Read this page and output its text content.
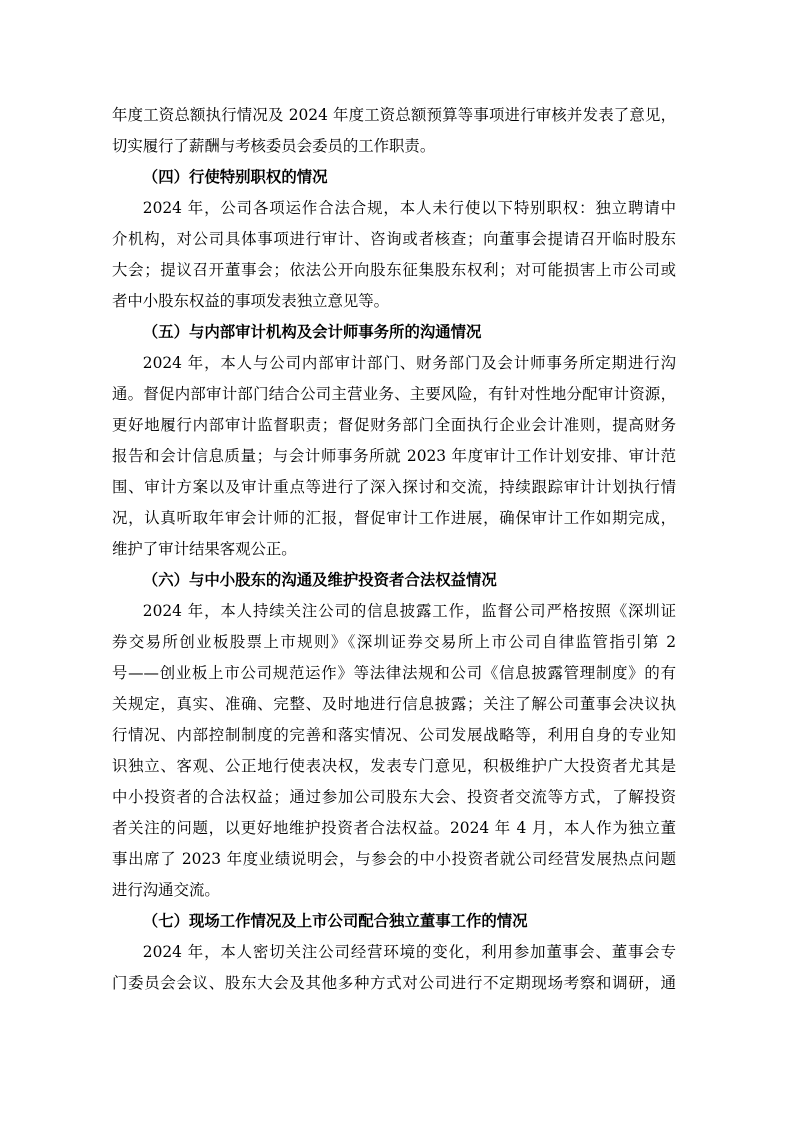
年度工资总额执行情况及 2024 年度工资总额预算等事项进行审核并发表了意见，
切实履行了薪酬与考核委员会委员的工作职责。
（四）行使特别职权的情况
2024 年，公司各项运作合法合规，本人未行使以下特别职权：独立聘请中
介机构，对公司具体事项进行审计、咨询或者核查；向董事会提请召开临时股东
大会；提议召开董事会；依法公开向股东征集股东权利；对可能损害上市公司或
者中小股东权益的事项发表独立意见等。
（五）与内部审计机构及会计师事务所的沟通情况
2024 年，本人与公司内部审计部门、财务部门及会计师事务所定期进行沟
通。督促内部审计部门结合公司主营业务、主要风险，有针对性地分配审计资源，
更好地履行内部审计监督职责；督促财务部门全面执行企业会计准则，提高财务
报告和会计信息质量；与会计师事务所就 2023 年度审计工作计划安排、审计范
围、审计方案以及审计重点等进行了深入探讨和交流，持续跟踪审计计划执行情
况，认真听取年审会计师的汇报，督促审计工作进展，确保审计工作如期完成，
维护了审计结果客观公正。
（六）与中小股东的沟通及维护投资者合法权益情况
2024 年，本人持续关注公司的信息披露工作，监督公司严格按照《深圳证
券交易所创业板股票上市规则》《深圳证券交易所上市公司自律监管指引第 2
号——创业板上市公司规范运作》等法律法规和公司《信息披露管理制度》的有
关规定，真实、准确、完整、及时地进行信息披露；关注了解公司董事会决议执
行情况、内部控制制度的完善和落实情况、公司发展战略等，利用自身的专业知
识独立、客观、公正地行使表决权，发表专门意见，积极维护广大投资者尤其是
中小投资者的合法权益；通过参加公司股东大会、投资者交流等方式，了解投资
者关注的问题，以更好地维护投资者合法权益。2024 年 4 月，本人作为独立董
事出席了 2023 年度业绩说明会，与参会的中小投资者就公司经营发展热点问题
进行沟通交流。
（七）现场工作情况及上市公司配合独立董事工作的情况
2024 年，本人密切关注公司经营环境的变化，利用参加董事会、董事会专
门委员会会议、股东大会及其他多种方式对公司进行不定期现场考察和调研，通
